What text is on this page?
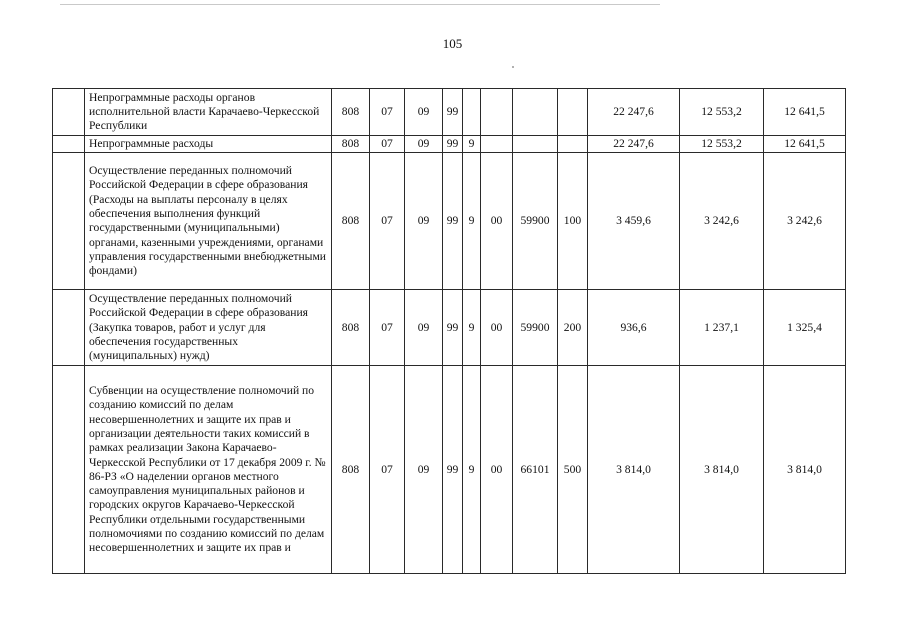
105
	Непрограммные расходы органов исполнительной власти Карачаево-Черкесской Республики	808	07	09	99					22 247,6	12 553,2	12 641,5
	Непрограммные расходы	808	07	09	99	9				22 247,6	12 553,2	12 641,5
	Осуществление переданных полномочий Российской Федерации в сфере образования (Расходы на выплаты персоналу в целях обеспечения выполнения функций государственными (муниципальными) органами, казенными учреждениями, органами управления государственными внебюджетными фондами)	808	07	09	99	9	00	59900	100	3 459,6	3 242,6	3 242,6
	Осуществление переданных полномочий Российской Федерации в сфере образования (Закупка товаров, работ и услуг для обеспечения государственных (муниципальных) нужд)	808	07	09	99	9	00	59900	200	936,6	1 237,1	1 325,4
	Субвенции на осуществление полномочий по созданию комиссий по делам несовершеннолетних и защите их прав и организации деятельности таких комиссий в рамках реализации Закона Карачаево-Черкесской Республики от 17 декабря 2009 г. № 86-РЗ «О наделении органов местного самоуправления муниципальных районов и городских округов Карачаево-Черкесской Республики отдельными государственными полномочиями по созданию комиссий по делам несовершеннолетних и защите их прав и	808	07	09	99	9	00	66101	500	3 814,0	3 814,0	3 814,0
